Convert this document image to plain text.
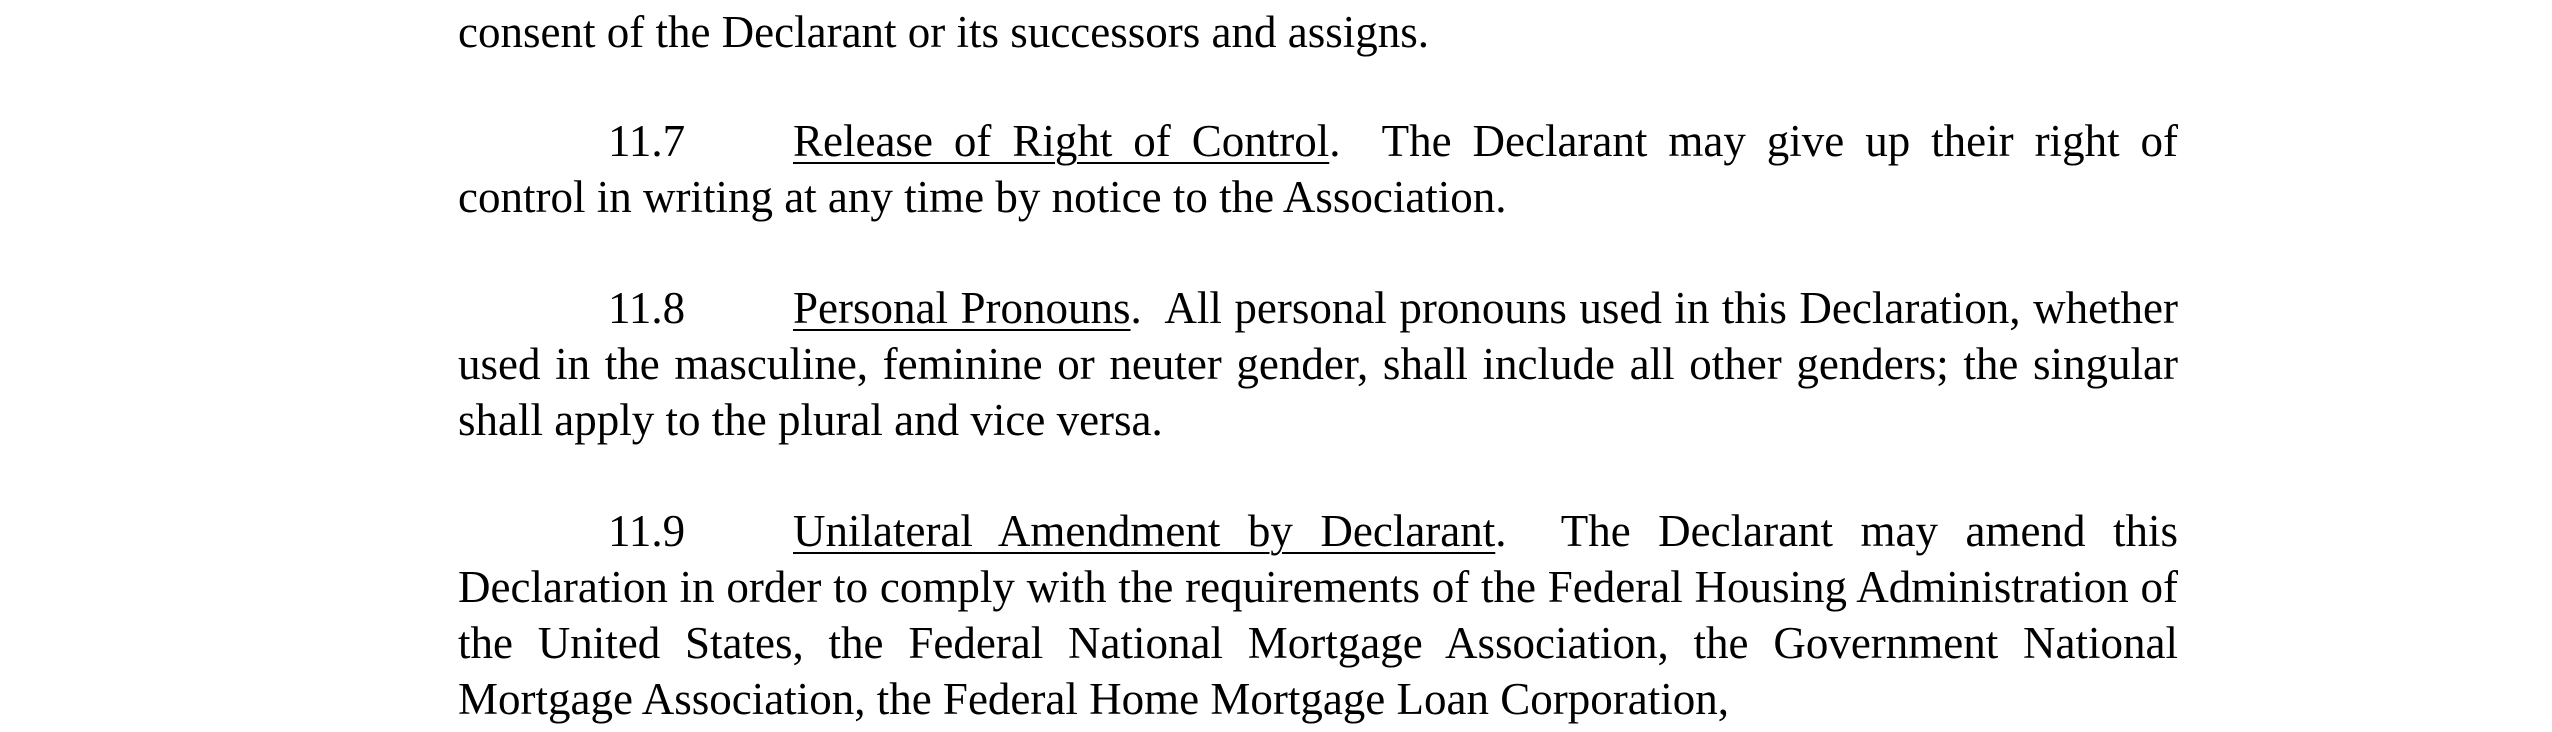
consent of the Declarant or its successors and assigns.
11.7 Release of Right of Control. The Declarant may give up their right of control in writing at any time by notice to the Association.
11.8 Personal Pronouns. All personal pronouns used in this Declaration, whether used in the masculine, feminine or neuter gender, shall include all other genders; the singular shall apply to the plural and vice versa.
11.9 Unilateral Amendment by Declarant. The Declarant may amend this Declaration in order to comply with the requirements of the Federal Housing Administration of the United States, the Federal National Mortgage Association, the Government National Mortgage Association, the Federal Home Mortgage Loan Corporation,
